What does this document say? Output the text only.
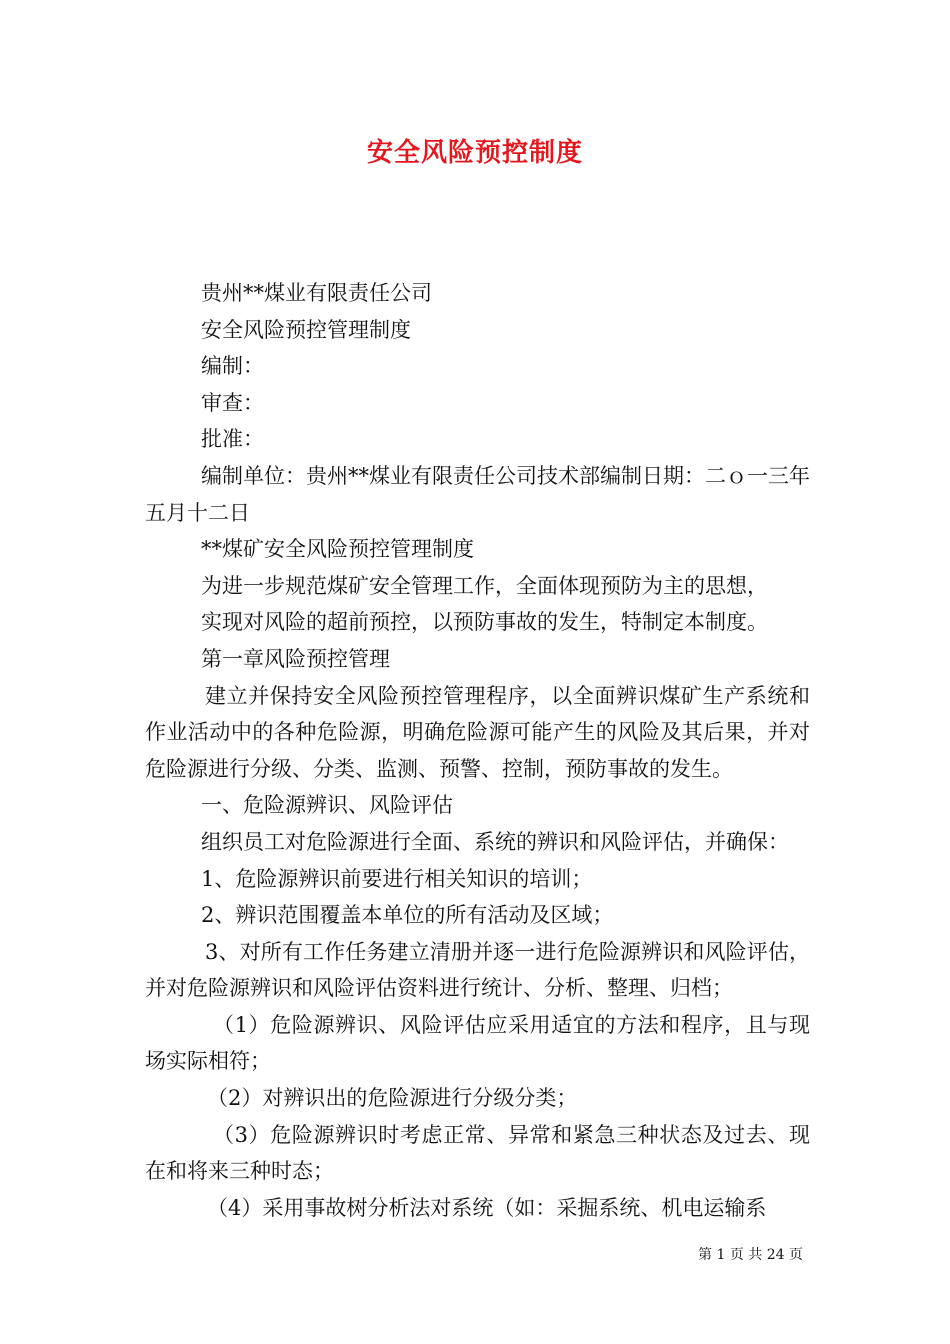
安全风险预控制度

贵州**煤业有限责任公司

安全风险预控管理制度

编制：

审查：

批准：

编制单位：贵州**煤业有限责任公司技术部编制日期：二ｏ一三年五月十二日

**煤矿安全风险预控管理制度

为进一步规范煤矿安全管理工作，全面体现预防为主的思想，

实现对风险的超前预控，以预防事故的发生，特制定本制度。

第一章风险预控管理

建立并保持安全风险预控管理程序，以全面辨识煤矿生产系统和作业活动中的各种危险源，明确危险源可能产生的风险及其后果，并对危险源进行分级、分类、监测、预警、控制，预防事故的发生。

一、危险源辨识、风险评估

组织员工对危险源进行全面、系统的辨识和风险评估，并确保：

1、危险源辨识前要进行相关知识的培训；

2、辨识范围覆盖本单位的所有活动及区域；

3、对所有工作任务建立清册并逐一进行危险源辨识和风险评估，并对危险源辨识和风险评估资料进行统计、分析、整理、归档；

（1）危险源辨识、风险评估应采用适宜的方法和程序，且与现场实际相符；

（2）对辨识出的危险源进行分级分类；

（3）危险源辨识时考虑正常、异常和紧急三种状态及过去、现在和将来三种时态；

（4）采用事故树分析法对系统（如：采掘系统、机电运输系

第 1 页 共 24 页
